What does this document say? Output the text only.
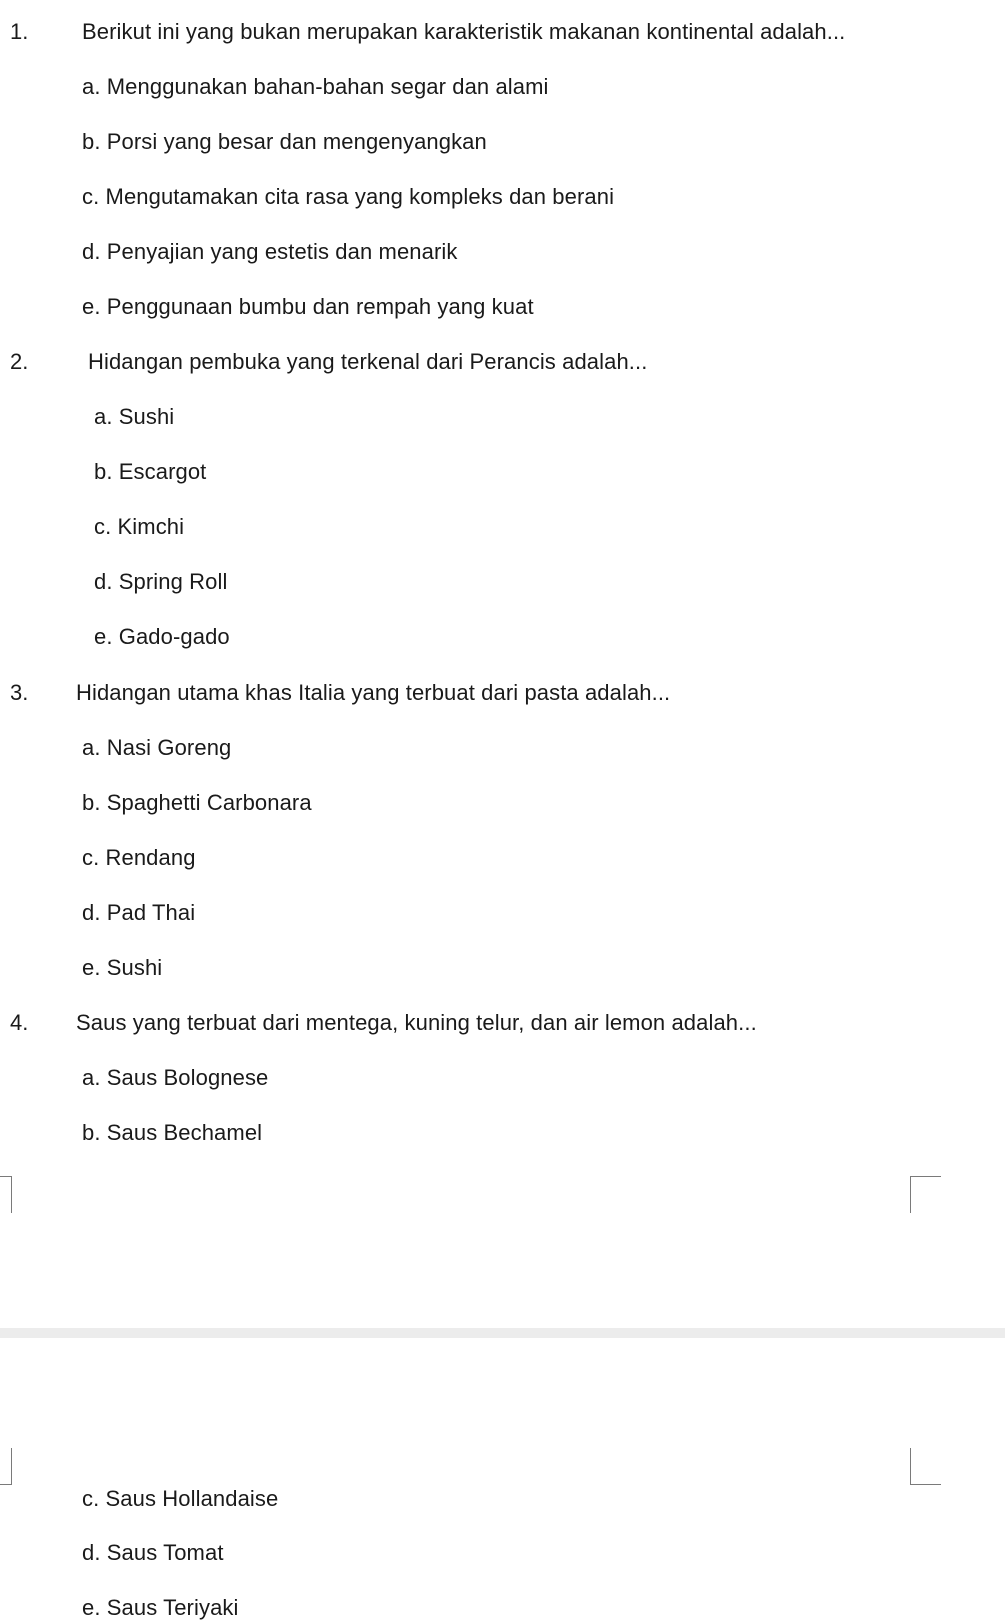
1. Berikut ini yang bukan merupakan karakteristik makanan kontinental adalah...
a. Menggunakan bahan-bahan segar dan alami
b. Porsi yang besar dan mengenyangkan
c. Mengutamakan cita rasa yang kompleks dan berani
d. Penyajian yang estetis dan menarik
e. Penggunaan bumbu dan rempah yang kuat
2.	Hidangan pembuka yang terkenal dari Perancis adalah...
a. Sushi
b. Escargot
c. Kimchi
d. Spring Roll
e. Gado-gado
3. Hidangan utama khas Italia yang terbuat dari pasta adalah...
a. Nasi Goreng
b. Spaghetti Carbonara
c. Rendang
d. Pad Thai
e. Sushi
4. Saus yang terbuat dari mentega, kuning telur, dan air lemon adalah...
a. Saus Bolognese
b. Saus Bechamel
c. Saus Hollandaise
d. Saus Tomat
e. Saus Teriyaki
